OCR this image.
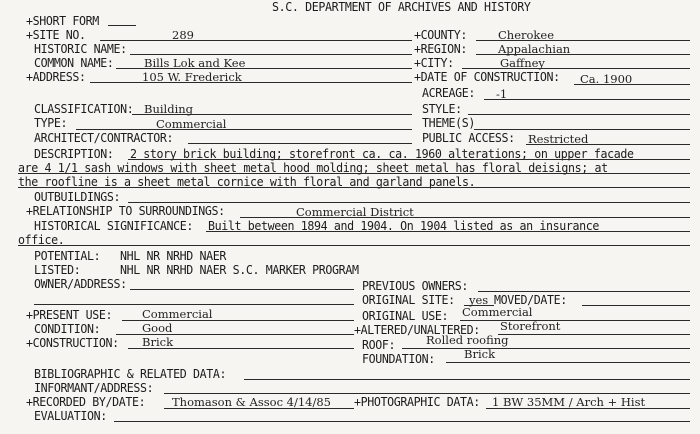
S.C. DEPARTMENT OF ARCHIVES AND HISTORY
+SHORT FORM
+SITE NO.	289	+COUNTY:	Cherokee
HISTORIC NAME:	+REGION:	Appalachian
COMMON NAME:	Bills Lok and Kee	+CITY:	Gaffney
+ADDRESS:	105 W. Frederick	+DATE OF CONSTRUCTION: Ca. 1900
ACREAGE: -1
CLASSIFICATION: Building	STYLE:
TYPE:	Commercial	THEME(S)
ARCHITECT/CONTRACTOR:	PUBLIC ACCESS: Restricted
DESCRIPTION: 2 story brick building; storefront ca. ca. 1960 alterations; on upper facade
are 4 1/1 sash windows with sheet metal hood molding; sheet metal has floral deisigns; at
the roofline is a sheet metal cornice with floral and garland panels.
OUTBUILDINGS:
+RELATIONSHIP TO SURROUNDINGS:	Commercial District
HISTORICAL SIGNIFICANCE: Built between 1894 and 1904. On 1904 listed as an insurance
office.
POTENTIAL: NHL NR NRHD NAER
LISTED:	NHL NR NRHD NAER S.C. MARKER PROGRAM
OWNER/ADDRESS:	PREVIOUS OWNERS:
ORIGINAL SITE: yes MOVED/DATE:
+PRESENT USE:	Commercial	ORIGINAL USE: Commercial
CONDITION:	Good	+ALTERED/UNALTERED: Storefront
+CONSTRUCTION: Brick	ROOF:	Rolled roofing
FOUNDATION:	Brick
BIBLIOGRAPHIC & RELATED DATA:
INFORMANT/ADDRESS:
+RECORDED BY/DATE: Thomason & Assoc 4/14/85 +PHOTOGRAPHIC DATA: 1 BW 35MM / Arch + Hist
EVALUATION:
